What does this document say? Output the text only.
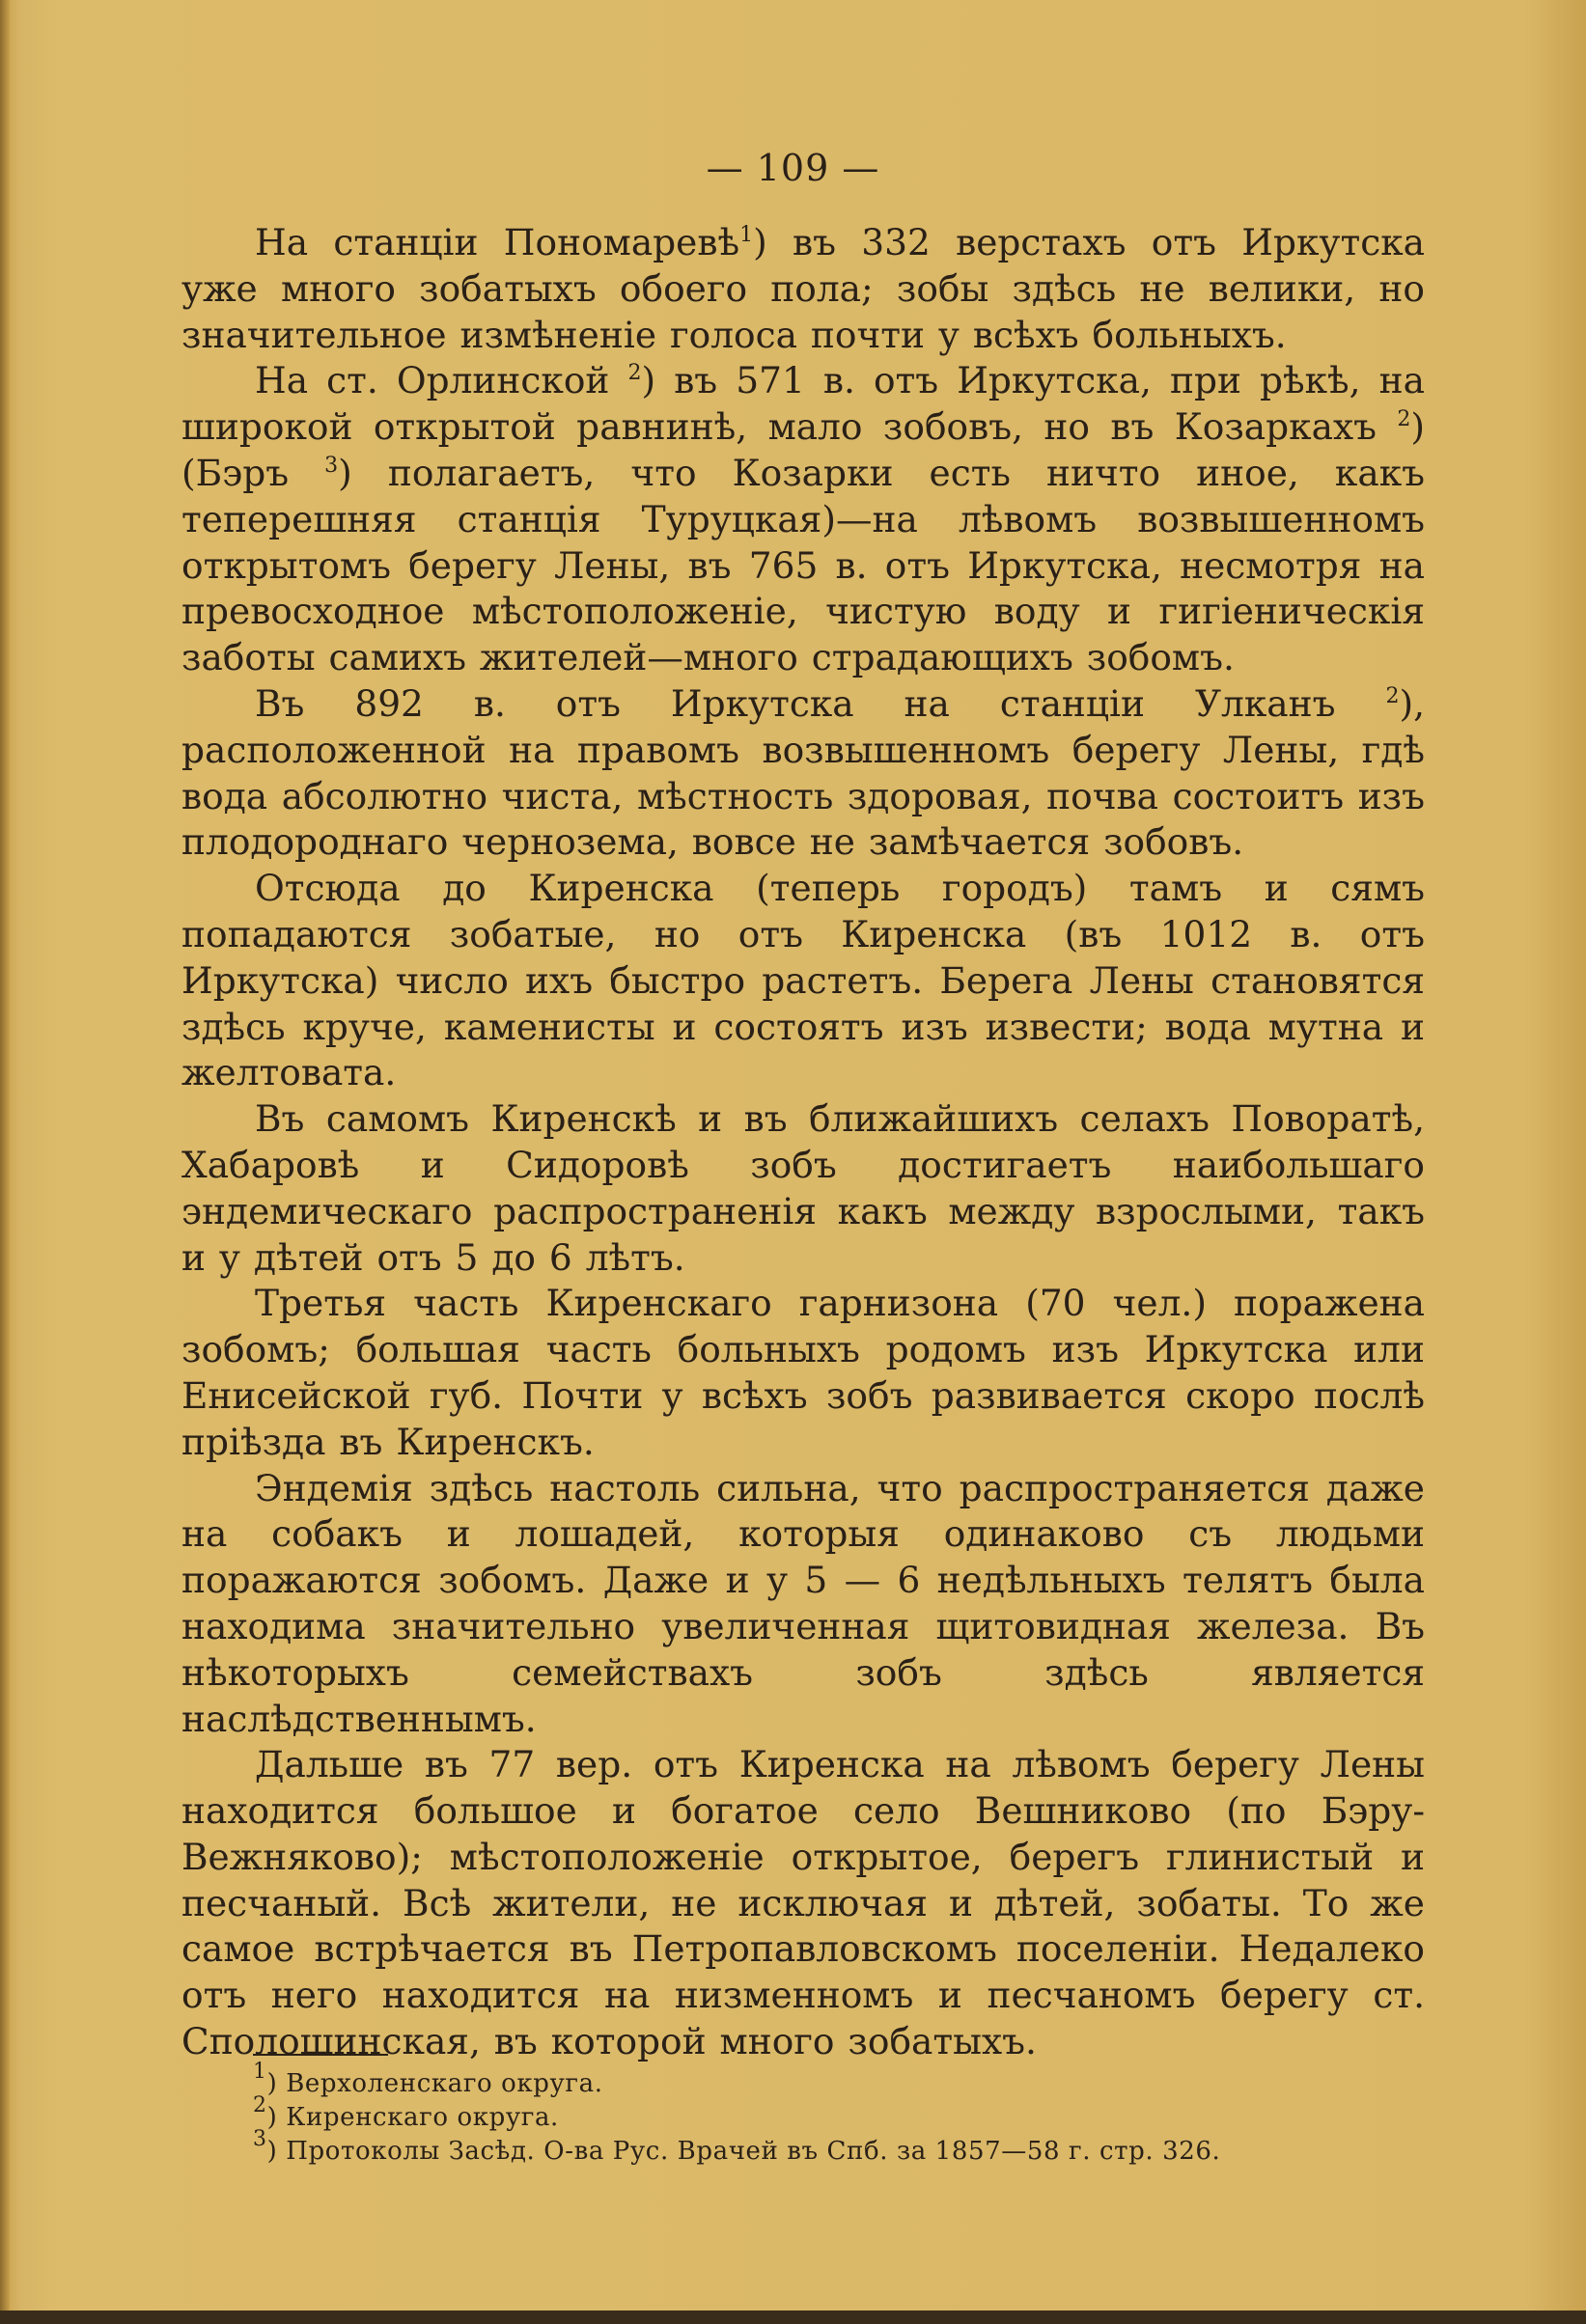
— 109 —

На станціи Пономаревѣ$^1$) въ 332 верстахъ отъ Иркутска уже много зобатыхъ обоего пола; зобы здѣсь не велики, но значительное измѣненіе голоса почти у всѣхъ больныхъ.

На ст. Орлинской $^2$) въ 571 в. отъ Иркутска, при рѣкѣ, на широкой открытой равнинѣ, мало зобовъ, но въ Козаркахъ $^2$) (Бэръ $^3$) полагаетъ, что Козарки есть ничто иное, какъ теперешняя станція Туруцкая)—на лѣвомъ возвышенномъ открытомъ берегу Лены, въ 765 в. отъ Иркутска, несмотря на превосходное мѣстоположеніе, чистую воду и гигіеническія заботы самихъ жителей—много страдающихъ зобомъ.

Въ 892 в. отъ Иркутска на станціи Улканъ $^2$), расположенной на правомъ возвышенномъ берегу Лены, гдѣ вода абсолютно чиста, мѣстность здоровая, почва состоитъ изъ плодороднаго чернозема, вовсе не замѣчается зобовъ.

Отсюда до Киренска (теперь городъ) тамъ и сямъ попадаются зобатые, но отъ Киренска (въ 1012 в. отъ Иркутска) число ихъ быстро растетъ. Берега Лены становятся здѣсь круче, каменисты и состоятъ изъ извести; вода мутна и желтовата.

Въ самомъ Киренскѣ и въ ближайшихъ селахъ Поворатѣ, Хабаровѣ и Сидоровѣ зобъ достигаетъ наибольшаго эндемическаго распространенія какъ между взрослыми, такъ и у дѣтей отъ 5 до 6 лѣтъ.

Третья часть Киренскаго гарнизона (70 чел.) поражена зобомъ; большая часть больныхъ родомъ изъ Иркутска или Енисейской губ. Почти у всѣхъ зобъ развивается скоро послѣ пріѣзда въ Киренскъ.

Эндемія здѣсь настоль сильна, что распространяется даже на собакъ и лошадей, которыя одинаково съ людьми поражаются зобомъ. Даже и у 5 — 6 недѣльныхъ телятъ была находима значительно увеличенная щитовидная железа. Въ нѣкоторыхъ семействахъ зобъ здѣсь является наслѣдственнымъ.

Дальше въ 77 вер. отъ Киренска на лѣвомъ берегу Лены находится большое и богатое село Вешниково (по Бэру-Вежняково); мѣстоположеніе открытое, берегъ глинистый и песчаный. Всѣ жители, не исключая и дѣтей, зобаты. То же самое встрѣчается въ Петропавловскомъ поселеніи. Недалеко отъ него находится на низменномъ и песчаномъ берегу ст. Сполошинская, въ которой много зобатыхъ.

$^1$) Верхоленскаго округа.
$^2$) Киренскаго округа.
$^3$) Протоколы Засѣд. О-ва Рус. Врачей въ Спб. за 1857—58 г. стр. 326.
